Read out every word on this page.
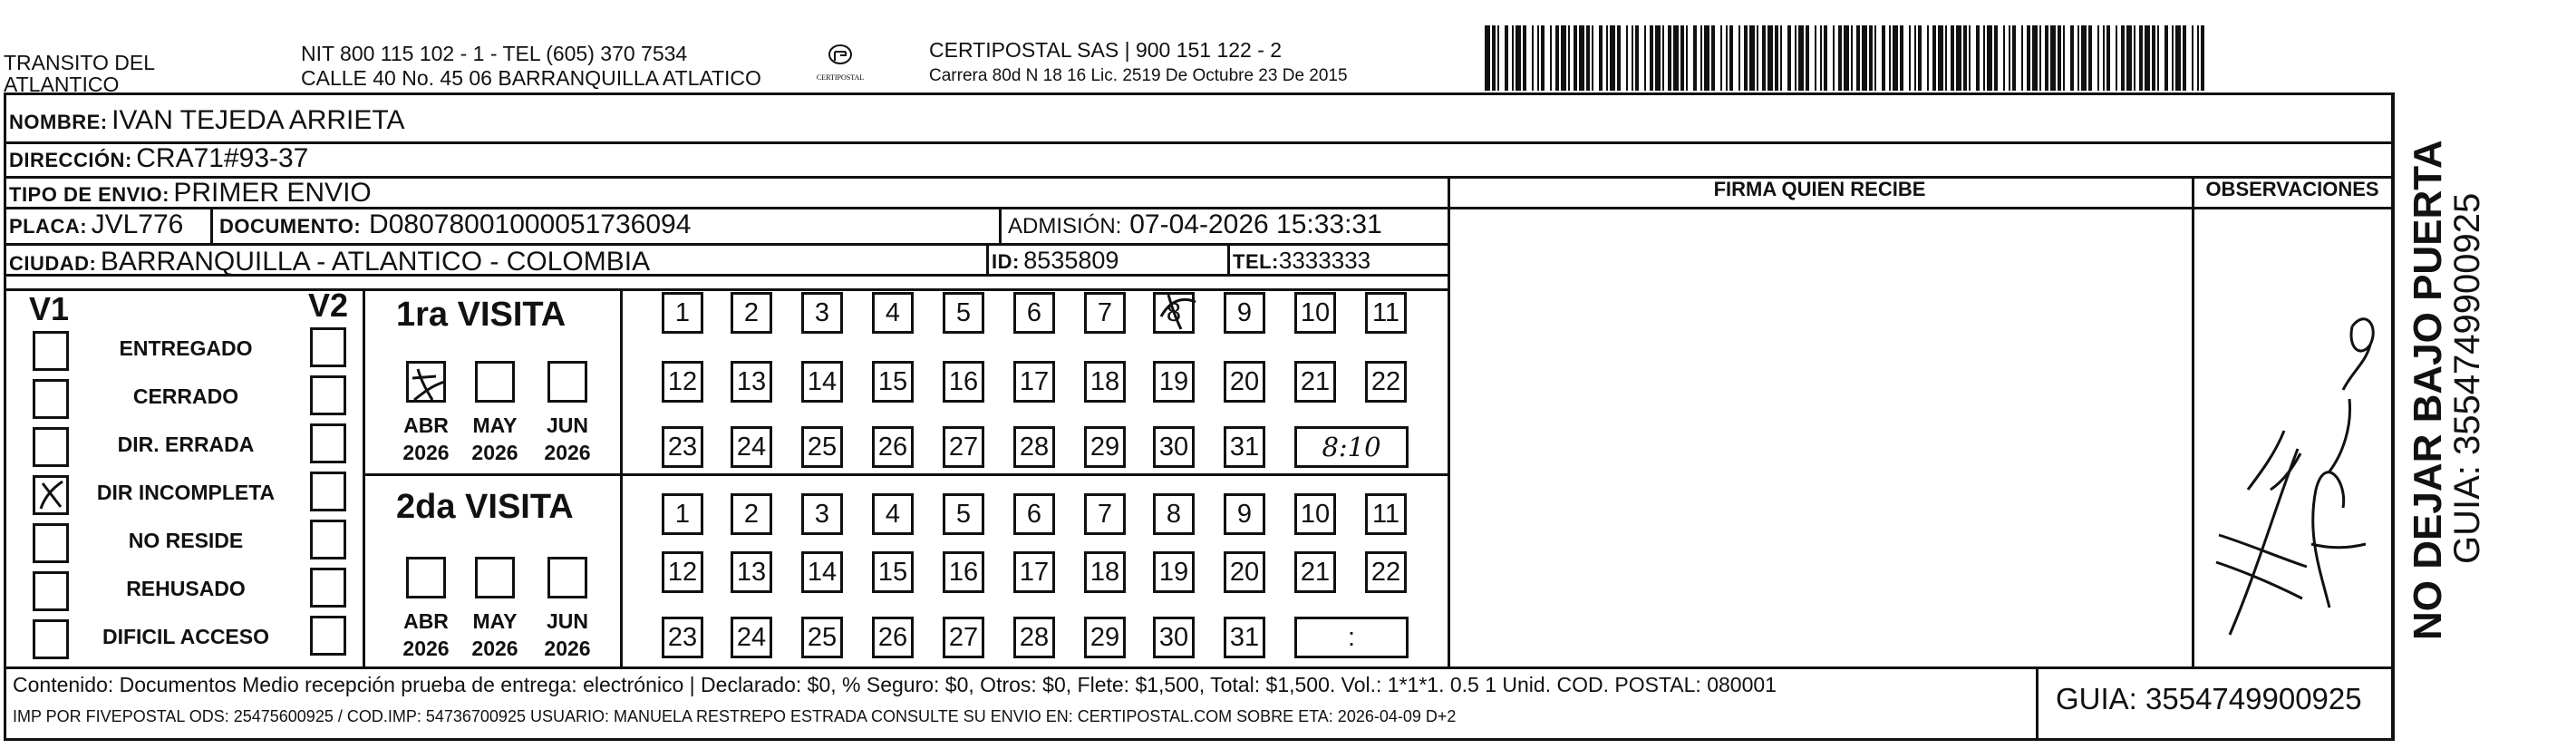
TRANSITO DEL
ATLANTICO
NIT 800 115 102 - 1 - TEL (605) 370 7534
CALLE 40 No. 45 06 BARRANQUILLA ATLATICO	CERTIPOSTAL
CERTIPOSTAL SAS | 900 151 122 - 2
Carrera 80d N 18 16 Lic. 2519 De Octubre 23 De 2015
NOMBRE: IVAN TEJEDA ARRIETA
DIRECCIÓN: CRA71#93-37
TIPO DE ENVIO: PRIMER ENVIO
PLACA: JVL776 DOCUMENTO: D08078001000051736094	ADMISIÓN: 07-04-2026 15:33:31
CIUDAD: BARRANQUILLA - ATLANTICO - COLOMBIA	ID: 8535809	TEL:3333333
FIRMA QUIEN RECIBE	OBSERVACIONES
V1	V2
ENTREGADO
CERRADO
DIR. ERRADA
DIR INCOMPLETA
NO RESIDE
REHUSADO
DIFICIL ACCESO
1ra VISITA
2da VISITA
ABR
2026
MAY
2026
JUN
2026
ABR
2026
MAY
2026
JUN
2026
1 2 3 4 5 6 7 8 9 10 11
12 13 14 15 16 17 18 19 20 21 22
23 24 25 26 27 28 29 30 31	8:10
1 2 3 4 5 6 7 8 9 10 11
12 13 14 15 16 17 18 19 20 21 22
23 24 25 26 27 28 29 30 31	:
Contenido: Documentos Medio recepción prueba de entrega: electrónico | Declarado: $0, % Seguro: $0, Otros: $0, Flete: $1,500, Total: $1,500. Vol.: 1*1*1. 0.5 1 Unid. COD. POSTAL: 080001
IMP POR FIVEPOSTAL ODS: 25475600925 / COD.IMP: 54736700925 USUARIO: MANUELA RESTREPO ESTRADA CONSULTE SU ENVIO EN: CERTIPOSTAL.COM SOBRE ETA: 2026-04-09 D+2
GUIA: 3554749900925
NO DEJAR BAJO PUERTA
GUIA: 3554749900925
